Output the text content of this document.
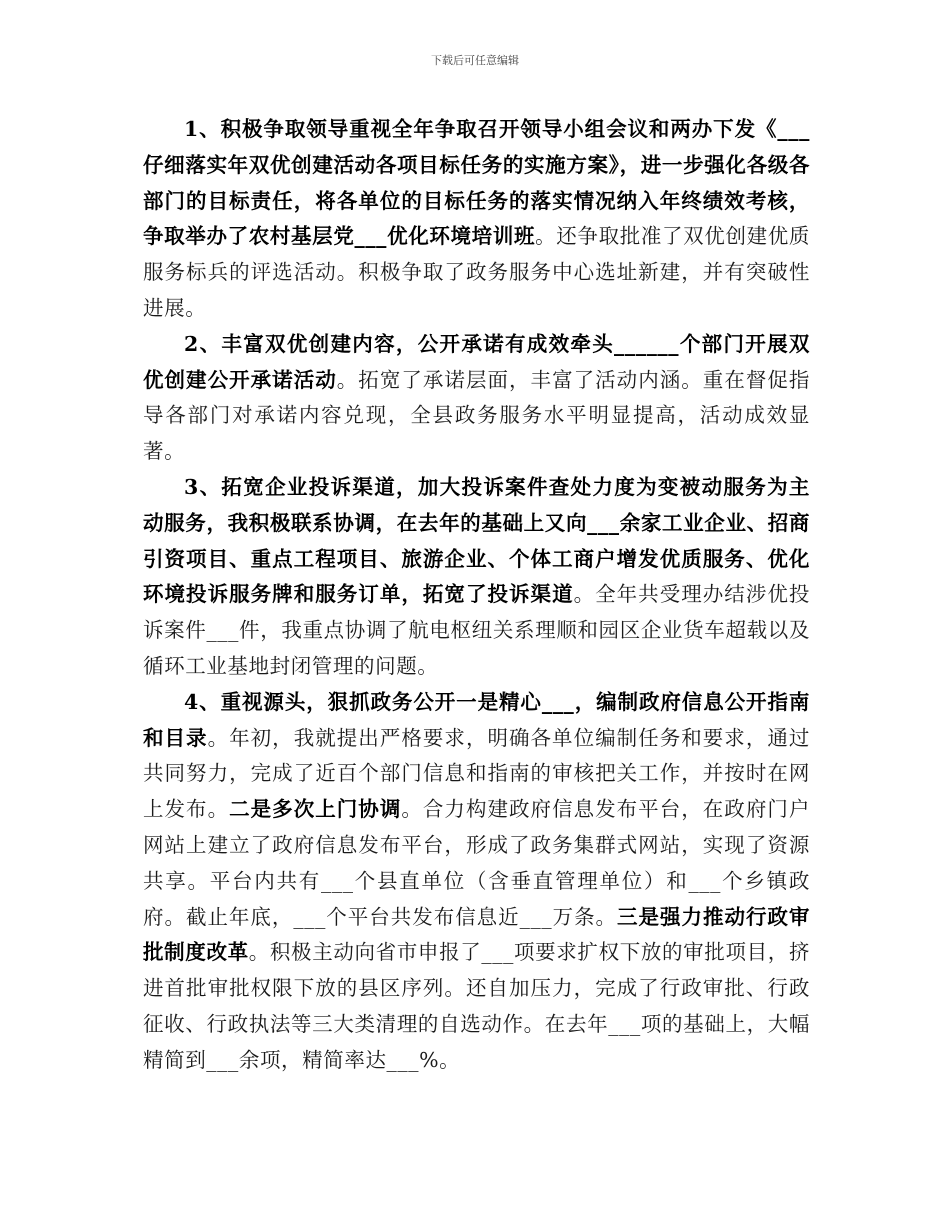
下载后可任意编辑

1、积极争取领导重视全年争取召开领导小组会议和两办下发《___仔细落实年双优创建活动各项目标任务的实施方案》，进一步强化各级各部门的目标责任，将各单位的目标任务的落实情况纳入年终绩效考核，争取举办了农村基层党___优化环境培训班。还争取批准了双优创建优质服务标兵的评选活动。积极争取了政务服务中心选址新建，并有突破性进展。

2、丰富双优创建内容，公开承诺有成效牵头______个部门开展双优创建公开承诺活动。拓宽了承诺层面，丰富了活动内涵。重在督促指导各部门对承诺内容兑现，全县政务服务水平明显提高，活动成效显著。

3、拓宽企业投诉渠道，加大投诉案件查处力度为变被动服务为主动服务，我积极联系协调，在去年的基础上又向___余家工业企业、招商引资项目、重点工程项目、旅游企业、个体工商户增发优质服务、优化环境投诉服务牌和服务订单，拓宽了投诉渠道。全年共受理办结涉优投诉案件___件，我重点协调了航电枢纽关系理顺和园区企业货车超载以及循环工业基地封闭管理的问题。

4、重视源头，狠抓政务公开一是精心___，编制政府信息公开指南和目录。年初，我就提出严格要求，明确各单位编制任务和要求，通过共同努力，完成了近百个部门信息和指南的审核把关工作，并按时在网上发布。二是多次上门协调。合力构建政府信息发布平台，在政府门户网站上建立了政府信息发布平台，形成了政务集群式网站，实现了资源共享。平台内共有___个县直单位（含垂直管理单位）和___个乡镇政府。截止年底，___个平台共发布信息近___万条。三是强力推动行政审批制度改革。积极主动向省市申报了___项要求扩权下放的审批项目，挤进首批审批权限下放的县区序列。还自加压力，完成了行政审批、行政征收、行政执法等三大类清理的自选动作。在去年___项的基础上，大幅精简到___余项，精简率达___%。
